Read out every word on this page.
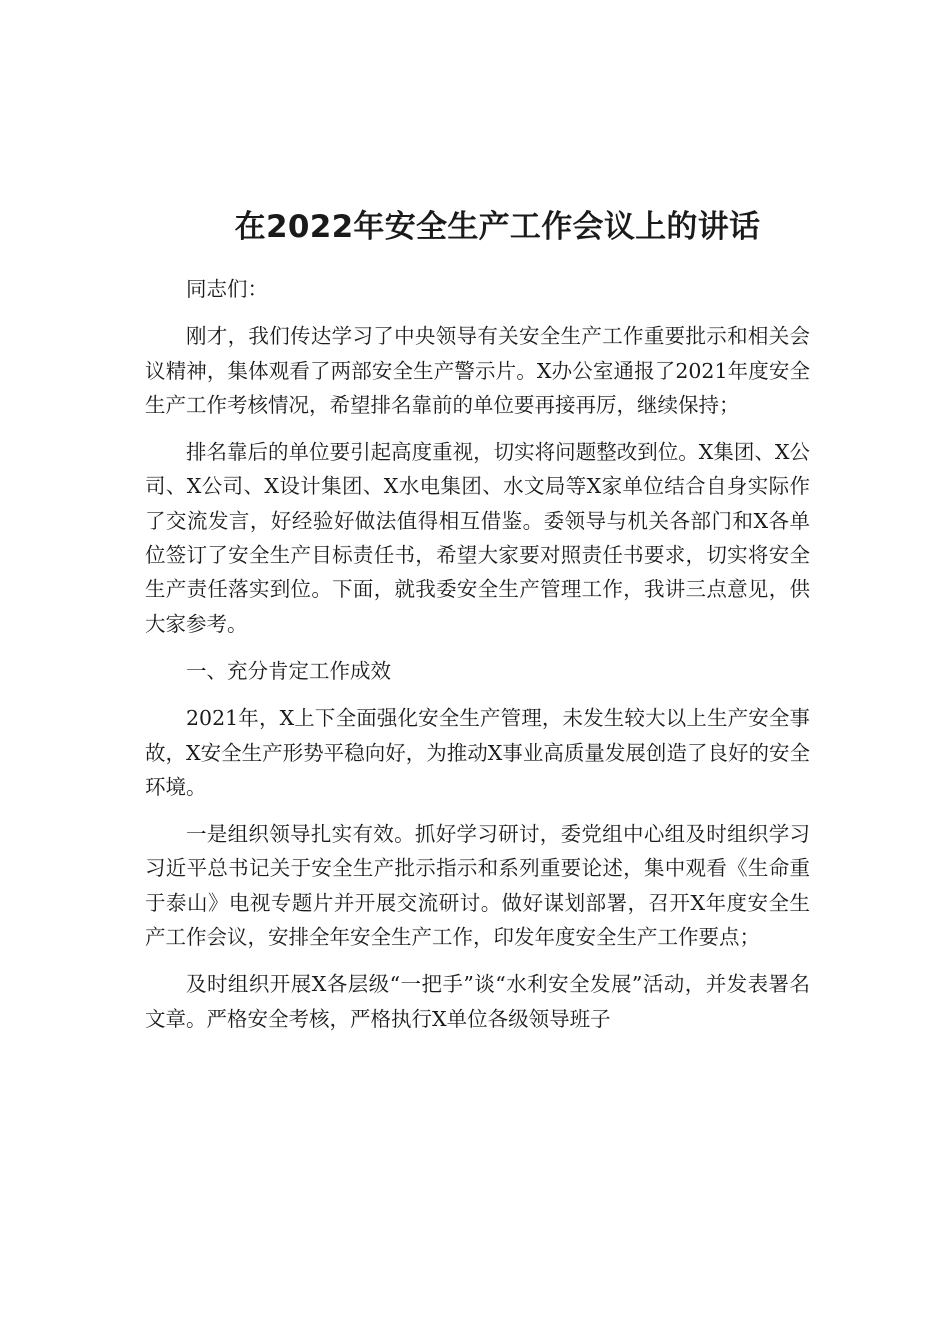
在2022年安全生产工作会议上的讲话

同志们：

刚才，我们传达学习了中央领导有关安全生产工作重要批示和相关会议精神，集体观看了两部安全生产警示片。X办公室通报了2021年度安全生产工作考核情况，希望排名靠前的单位要再接再厉，继续保持；

排名靠后的单位要引起高度重视，切实将问题整改到位。X集团、X公司、X公司、X设计集团、X水电集团、水文局等X家单位结合自身实际作了交流发言，好经验好做法值得相互借鉴。委领导与机关各部门和X各单位签订了安全生产目标责任书，希望大家要对照责任书要求，切实将安全生产责任落实到位。下面，就我委安全生产管理工作，我讲三点意见，供大家参考。

一、充分肯定工作成效

2021年，X上下全面强化安全生产管理，未发生较大以上生产安全事故，X安全生产形势平稳向好，为推动X事业高质量发展创造了良好的安全环境。

一是组织领导扎实有效。抓好学习研讨，委党组中心组及时组织学习习近平总书记关于安全生产批示指示和系列重要论述，集中观看《生命重于泰山》电视专题片并开展交流研讨。做好谋划部署，召开X年度安全生产工作会议，安排全年安全生产工作，印发年度安全生产工作要点；

及时组织开展X各层级“一把手”谈“水利安全发展”活动，并发表署名文章。严格安全考核，严格执行X单位各级领导班子
